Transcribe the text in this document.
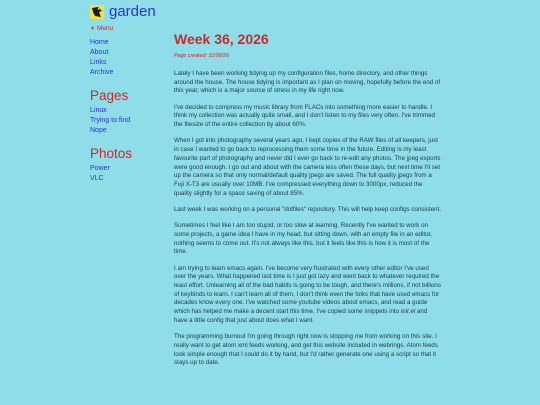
garden
▼ Menu
Home
About
Links
Archive
Pages
Linux
Trying to find
Nope
Photos
Power
VLC
Week 36, 2026
Page created: 31/08/26

Lately I have been working tidying up my configuration files, home directory, and other things around the house. The house tidying is important as I plan on moving, hopefully before the end of this year, which is a major source of stress in my life right now.

I've decided to compress my music library from FLACs into something more easier to handle. I think my collection was actually quite small, and I don't listen to my files very often. I've trimmed the filesize of the entire collection by about 60%.

When I got into photography several years ago, I kept copies of the RAW files of all keepers, just in case I wanted to go back to reprocessing them some time in the future. Editing is my least favourite part of photography and never did I ever go back to re-edit any photos. The jpeg exports were good enough. I go out and about with the camera less often these days, but next time I'll set up the camera so that only normal/default quality jpegs are saved. The full quality jpegs from a Fuji X-T3 are usually over 10MB. I've compressed everything down to 3000px, reduced the quality slightly for a space saving of about 85%.

Last week I was working on a personal "dotfiles" repository. This will help keep configs consistent.

Sometimes I feel like I am too stupid, or too slow at learning. Recently I've wanted to work on some projects, a game idea I have in my head, but sitting down, with an empty file in an editor, nothing seems to come out. It's not always like this, but it feels like this is how it is most of the time.

I am trying to learn emacs again. I've become very frustrated with every other editor I've used over the years. What happened last time is I just got lazy and went back to whatever required the least effort. Unlearning all of the bad habits is going to be tough, and there's millions, if not billions of keybinds to learn. I can't learn all of them, I don't think even the folks that have used emacs for decades know every one. I've watched some youtube videos about emacs, and read a guide which has helped me make a decent start this time. I've copied some snippets into init.el and have a little config that just about does what I want.

The programming burnout I'm going through right now is stopping me from working on this site. I really want to get atom xml feeds working, and get this website included in webrings. Atom feeds look simple enough that I could do it by hand, but I'd rather generate one using a script so that it stays up to date.
